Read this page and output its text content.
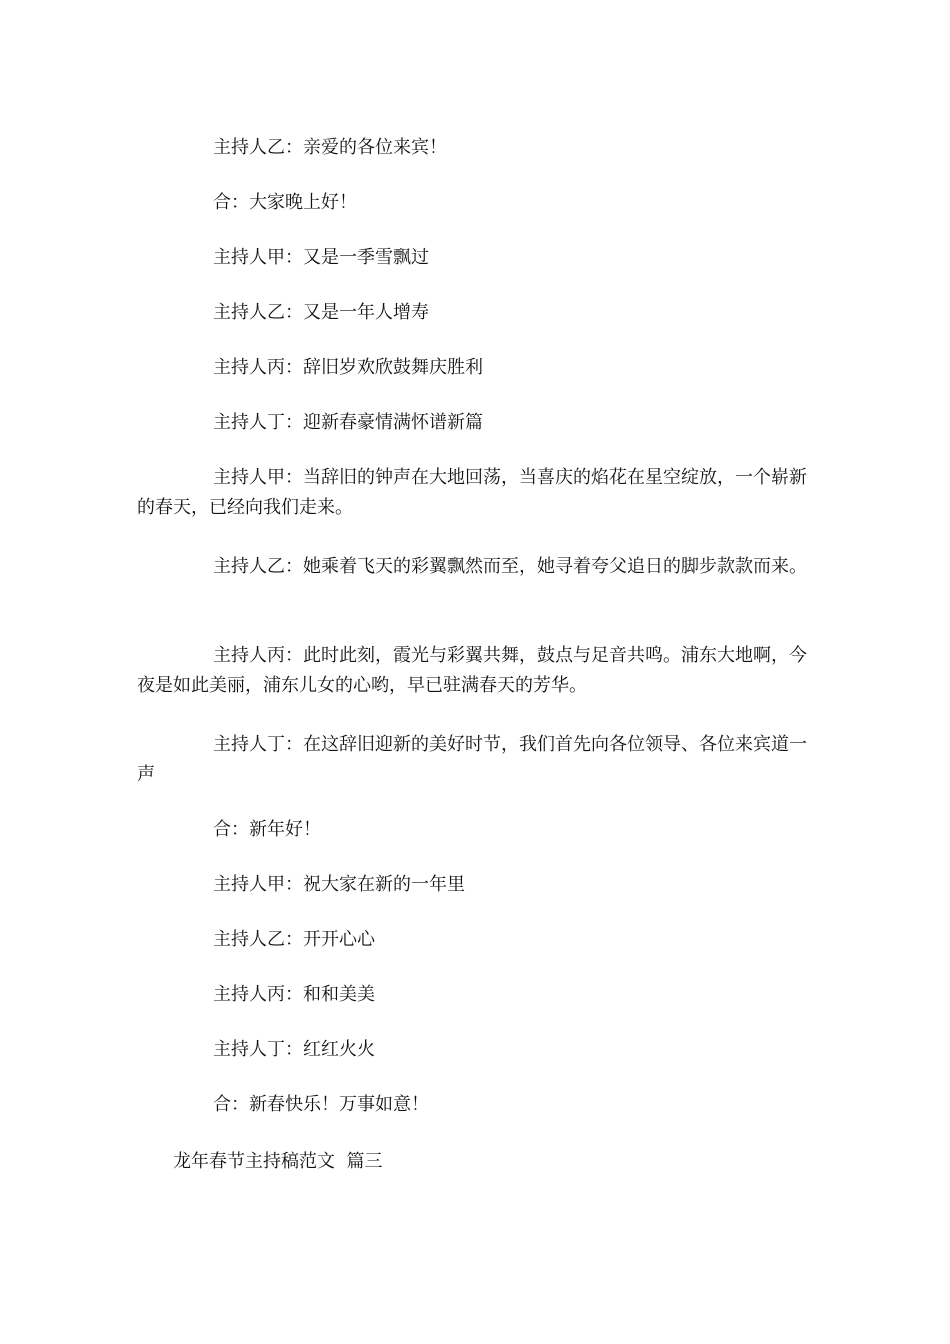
主持人乙：亲爱的各位来宾！

合：大家晚上好！

主持人甲：又是一季雪飘过

主持人乙：又是一年人增寿

主持人丙：辞旧岁欢欣鼓舞庆胜利

主持人丁：迎新春豪情满怀谱新篇

主持人甲：当辞旧的钟声在大地回荡，当喜庆的焰花在星空绽放，一个崭新的春天，已经向我们走来。

主持人乙：她乘着飞天的彩翼飘然而至，她寻着夸父追日的脚步款款而来。

主持人丙：此时此刻，霞光与彩翼共舞，鼓点与足音共鸣。浦东大地啊，今夜是如此美丽，浦东儿女的心哟，早已驻满春天的芳华。

主持人丁：在这辞旧迎新的美好时节，我们首先向各位领导、各位来宾道一声

合：新年好！

主持人甲：祝大家在新的一年里

主持人乙：开开心心

主持人丙：和和美美

主持人丁：红红火火

合：新春快乐！万事如意！

龙年春节主持稿范文  篇三
